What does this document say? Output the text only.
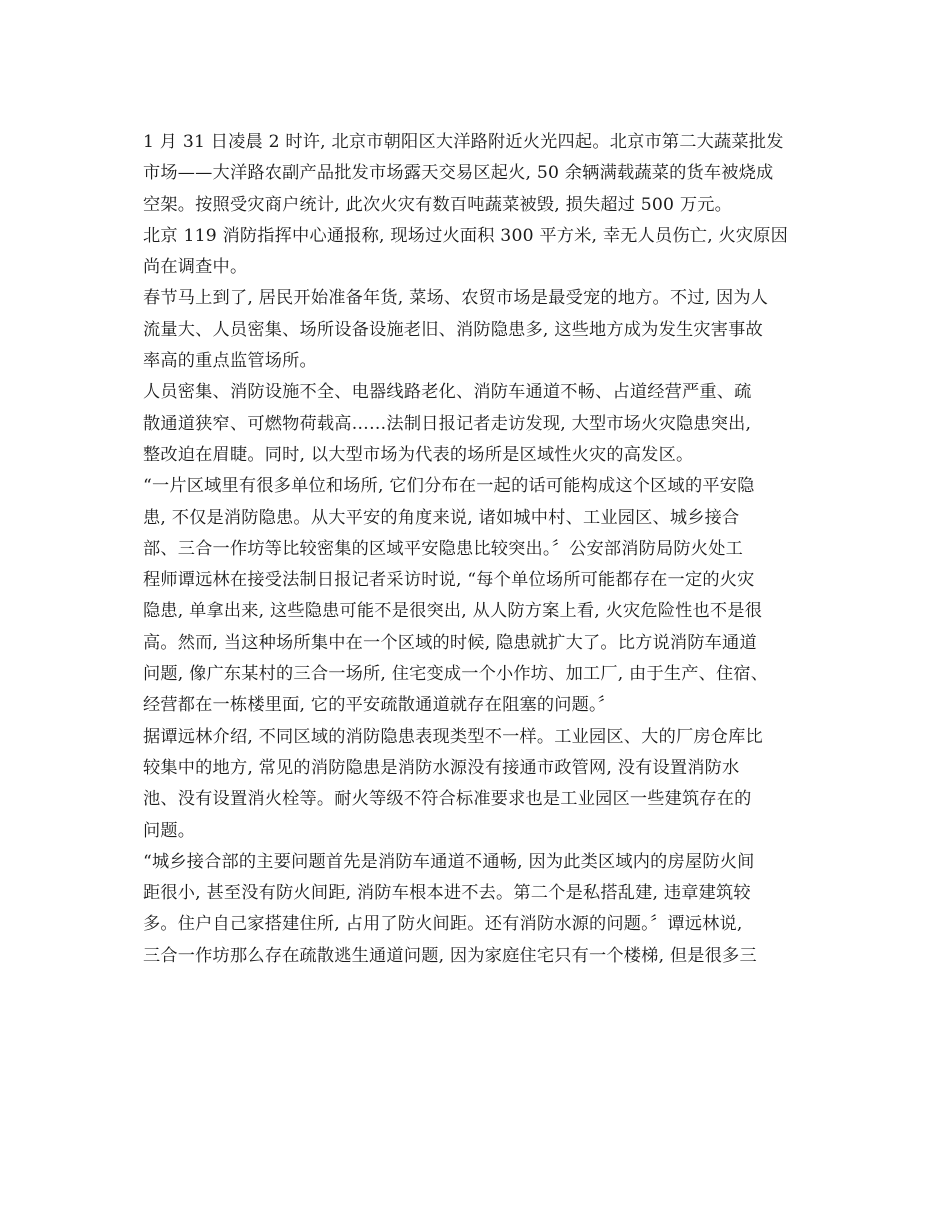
1 月 31 日凌晨 2 时许, 北京市朝阳区大洋路附近火光四起。北京市第二大蔬菜批发
市场——大洋路农副产品批发市场露天交易区起火, 50 余辆满载蔬菜的货车被烧成
空架。按照受灾商户统计, 此次火灾有数百吨蔬菜被毁, 损失超过 500 万元。
北京 119 消防指挥中心通报称, 现场过火面积 300 平方米, 幸无人员伤亡, 火灾原因
尚在调查中。
春节马上到了, 居民开始准备年货, 菜场、农贸市场是最受宠的地方。不过, 因为人
流量大、人员密集、场所设备设施老旧、消防隐患多, 这些地方成为发生灾害事故
率高的重点监管场所。
人员密集、消防设施不全、电器线路老化、消防车通道不畅、占道经营严重、疏
散通道狭窄、可燃物荷载高……法制日报记者走访发现, 大型市场火灾隐患突出,
整改迫在眉睫。同时, 以大型市场为代表的场所是区域性火灾的高发区。
“一片区域里有很多单位和场所, 它们分布在一起的话可能构成这个区域的平安隐
患, 不仅是消防隐患。从大平安的角度来说, 诸如城中村、工业园区、城乡接合
部、三合一作坊等比较密集的区域平安隐患比较突出。〞公安部消防局防火处工
程师谭远林在接受法制日报记者采访时说, “每个单位场所可能都存在一定的火灾
隐患, 单拿出来, 这些隐患可能不是很突出, 从人防方案上看, 火灾危险性也不是很
高。然而, 当这种场所集中在一个区域的时候, 隐患就扩大了。比方说消防车通道
问题, 像广东某村的三合一场所, 住宅变成一个小作坊、加工厂, 由于生产、住宿、
经营都在一栋楼里面, 它的平安疏散通道就存在阻塞的问题。〞
据谭远林介绍, 不同区域的消防隐患表现类型不一样。工业园区、大的厂房仓库比
较集中的地方, 常见的消防隐患是消防水源没有接通市政管网, 没有设置消防水
池、没有设置消火栓等。耐火等级不符合标准要求也是工业园区一些建筑存在的
问题。
“城乡接合部的主要问题首先是消防车通道不通畅, 因为此类区域内的房屋防火间
距很小, 甚至没有防火间距, 消防车根本进不去。第二个是私搭乱建, 违章建筑较
多。住户自己家搭建住所, 占用了防火间距。还有消防水源的问题。〞谭远林说,
三合一作坊那么存在疏散逃生通道问题, 因为家庭住宅只有一个楼梯, 但是很多三
